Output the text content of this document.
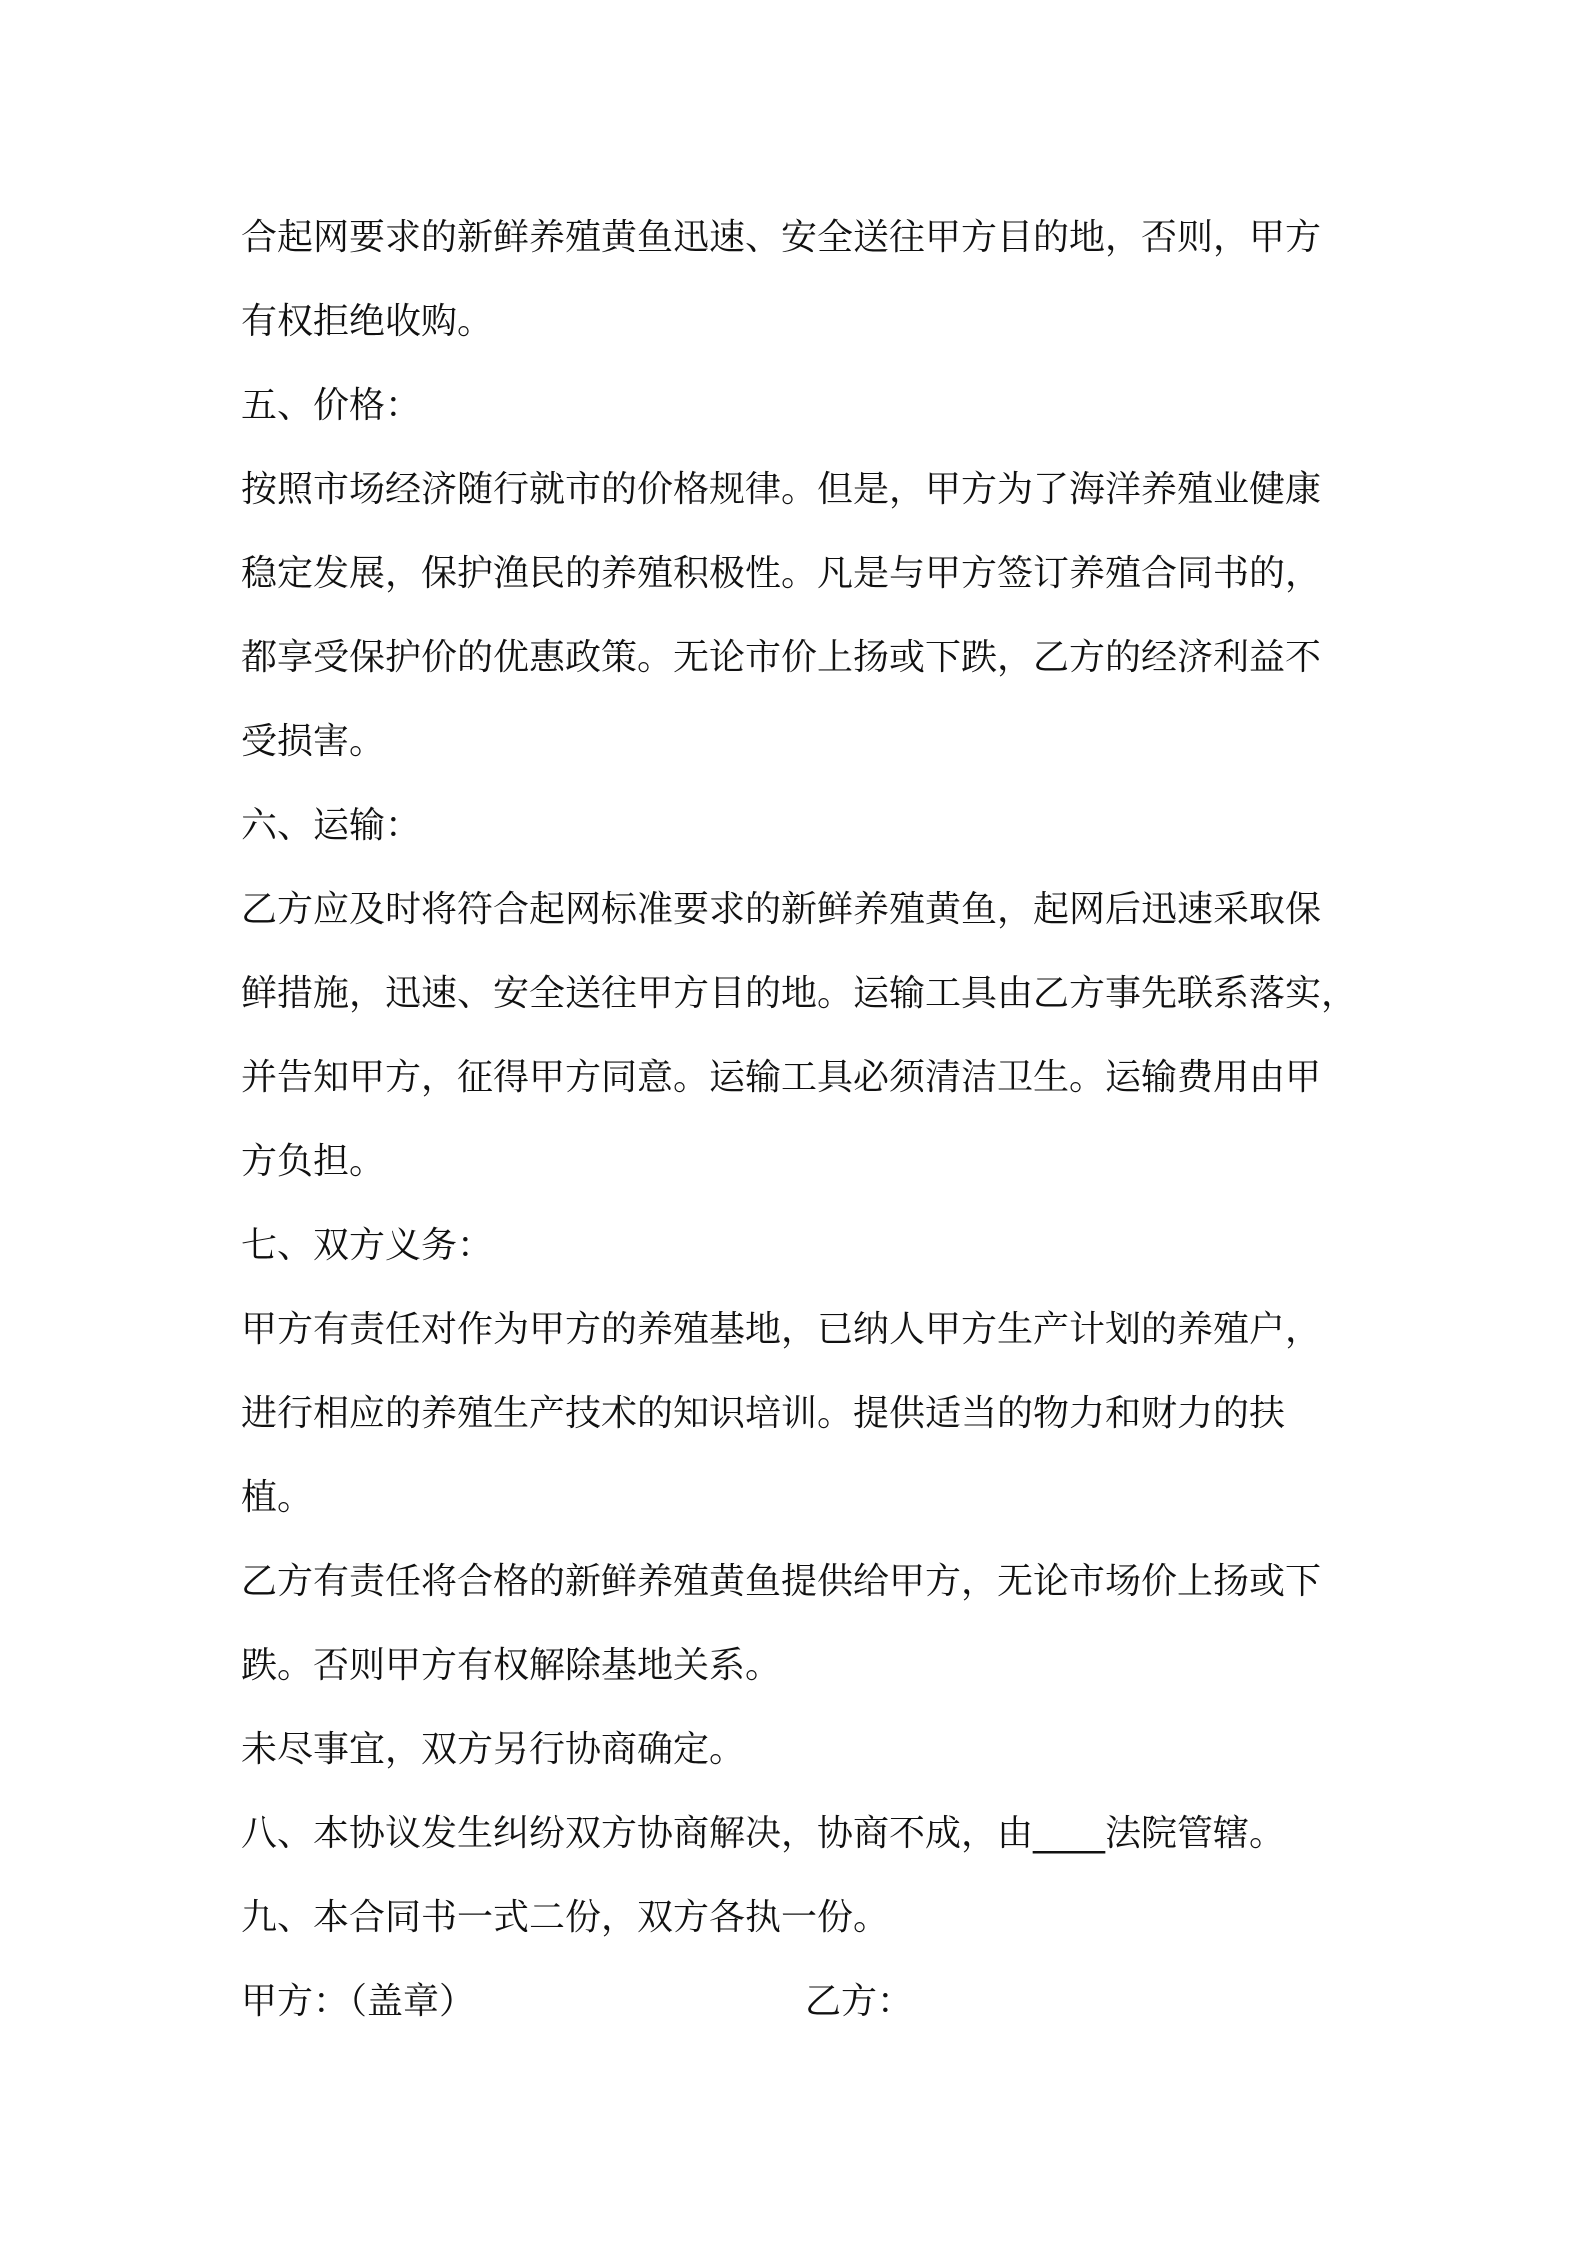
合起网要求的新鲜养殖黄鱼迅速、安全送往甲方目的地，否则，甲方
有权拒绝收购。
五、价格：
按照市场经济随行就市的价格规律。但是，甲方为了海洋养殖业健康
稳定发展，保护渔民的养殖积极性。凡是与甲方签订养殖合同书的，
都享受保护价的优惠政策。无论市价上扬或下跌，乙方的经济利益不
受损害。
六、运输：
乙方应及时将符合起网标准要求的新鲜养殖黄鱼，起网后迅速采取保
鲜措施，迅速、安全送往甲方目的地。运输工具由乙方事先联系落实，
并告知甲方，征得甲方同意。运输工具必须清洁卫生。运输费用由甲
方负担。
七、双方义务：
甲方有责任对作为甲方的养殖基地，已纳人甲方生产计划的养殖户，
进行相应的养殖生产技术的知识培训。提供适当的物力和财力的扶
植。
乙方有责任将合格的新鲜养殖黄鱼提供给甲方，无论市场价上扬或下
跌。否则甲方有权解除基地关系。
未尽事宜，双方另行协商确定。
八、本协议发生纠纷双方协商解决，协商不成，由____法院管辖。
九、本合同书一式二份，双方各执一份。
甲方：（盖章）	乙方：
